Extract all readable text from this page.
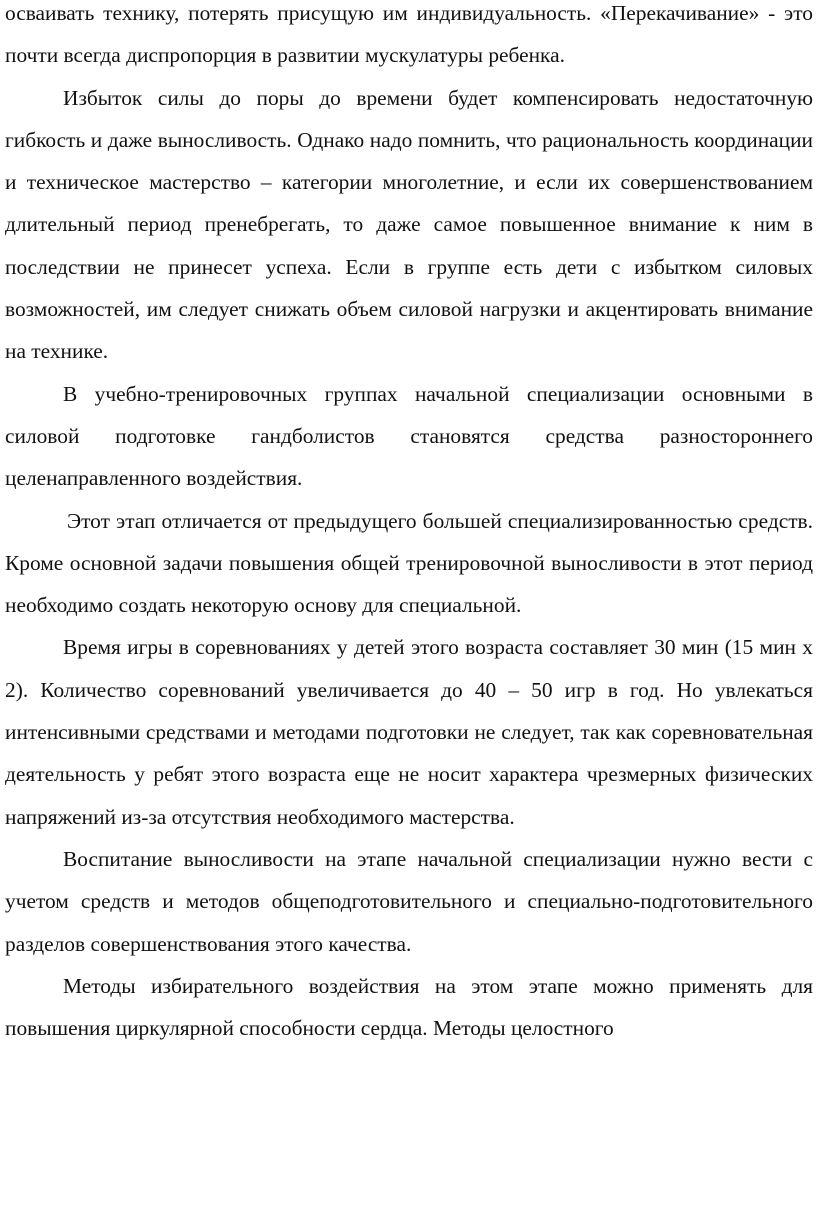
осваивать технику, потерять присущую им индивидуальность. «Перекачивание» - это почти всегда диспропорция в развитии мускулатуры ребенка.

Избыток силы до поры до времени будет компенсировать недостаточную гибкость и даже выносливость. Однако надо помнить, что рациональность координации и техническое мастерство – категории многолетние, и если их совершенствованием длительный период пренебрегать, то даже самое повышенное внимание к ним в последствии не принесет успеха. Если в группе есть дети с избытком силовых возможностей, им следует снижать объем силовой нагрузки и акцентировать внимание на технике.

В учебно-тренировочных группах начальной специализации основными в силовой подготовке гандболистов становятся средства разностороннего целенаправленного воздействия.

Этот этап отличается от предыдущего большей специализированностью средств. Кроме основной задачи повышения общей тренировочной выносливости в этот период необходимо создать некоторую основу для специальной.

Время игры в соревнованиях у детей этого возраста составляет 30 мин (15 мин х 2). Количество соревнований увеличивается до 40 – 50 игр в год. Но увлекаться интенсивными средствами и методами подготовки не следует, так как соревновательная деятельность у ребят этого возраста еще не носит характера чрезмерных физических напряжений из-за отсутствия необходимого мастерства.

Воспитание выносливости на этапе начальной специализации нужно вести с учетом средств и методов общеподготовительного и специально-подготовительного разделов совершенствования этого качества.

Методы избирательного воздействия на этом этапе можно применять для повышения циркулярной способности сердца. Методы целостного
